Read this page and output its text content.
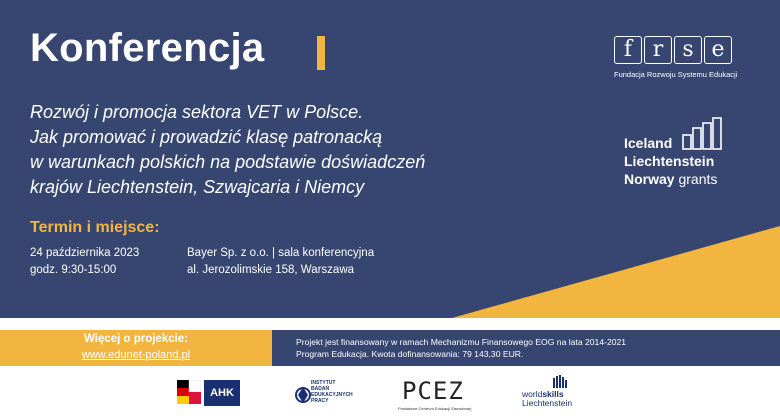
Konferencja
Rozwój i promocja sektora VET w Polsce.
Jak promować i prowadzić klasę patronacką
w warunkach polskich na podstawie doświadczeń
krajów Liechtenstein, Szwajcaria i Niemcy
Termin i miejsce:
24 października 2023
godz. 9:30-15:00
Bayer Sp. z o.o. | sala konferencyjna
al. Jerozolimskie 158, Warszawa
f r s e
Fundacja Rozwoju Systemu Edukacji
Iceland
Liechtenstein
Norway grants
Więcej o projekcie:
www.edunet-poland.pl
Projekt jest finansowany w ramach Mechanizmu Finansowego EOG na lata 2014-2021
Program Edukacja. Kwota dofinansowania: 79 143,30 EUR.
AHK
INSTYTUT
BADAŃ
EDUKACYJNYCH
PRACY	PCEZ
Powiatowe Centrum Edukacji Zawodowej
worldskills
Liechtenstein
